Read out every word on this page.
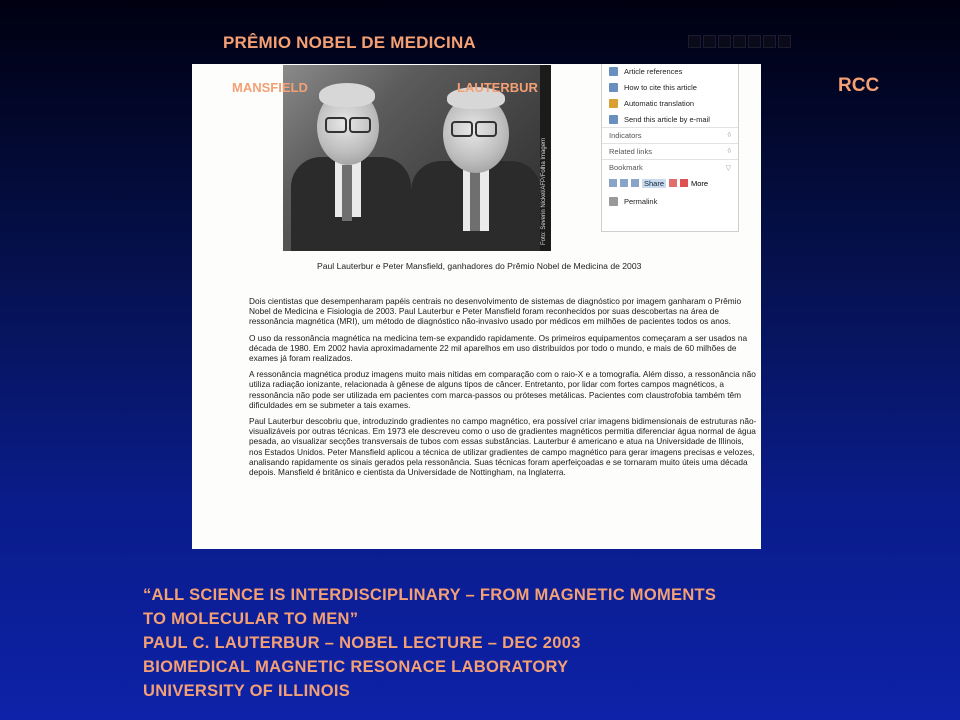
PRÊMIO NOBEL DE MEDICINA
RCC
Foto: Severin Nickel/AFP/Folha Imagem
Article references
How to cite this article
Automatic translation
Send this article by e-mail
Indicators	◊
Related links	◊
Bookmark	▽
Share	More
Permalink
Paul Lauterbur e Peter Mansfield, ganhadores do Prêmio Nobel de Medicina de 2003

Dois cientistas que desempenharam papéis centrais no desenvolvimento de sistemas de diagnóstico por imagem ganharam o Prêmio Nobel de Medicina e Fisiologia de 2003. Paul Lauterbur e Peter Mansfield foram reconhecidos por suas descobertas na área de ressonância magnética (MRI), um método de diagnóstico não-invasivo usado por médicos em milhões de pacientes todos os anos.

O uso da ressonância magnética na medicina tem-se expandido rapidamente. Os primeiros equipamentos começaram a ser usados na década de 1980. Em 2002 havia aproximadamente 22 mil aparelhos em uso distribuídos por todo o mundo, e mais de 60 milhões de exames já foram realizados.

A ressonância magnética produz imagens muito mais nítidas em comparação com o raio-X e a tomografia. Além disso, a ressonância não utiliza radiação ionizante, relacionada à gênese de alguns tipos de câncer. Entretanto, por lidar com fortes campos magnéticos, a ressonância não pode ser utilizada em pacientes com marca-passos ou próteses metálicas. Pacientes com claustrofobia também têm dificuldades em se submeter a tais exames.

Paul Lauterbur descobriu que, introduzindo gradientes no campo magnético, era possível criar imagens bidimensionais de estruturas não-visualizáveis por outras técnicas. Em 1973 ele descreveu como o uso de gradientes magnéticos permitia diferenciar água normal de água pesada, ao visualizar secções transversais de tubos com essas substâncias. Lauterbur é americano e atua na Universidade de Illinois, nos Estados Unidos. Peter Mansfield aplicou a técnica de utilizar gradientes de campo magnético para gerar imagens precisas e velozes, analisando rapidamente os sinais gerados pela ressonância. Suas técnicas foram aperfeiçoadas e se tornaram muito úteis uma década depois. Mansfield é britânico e cientista da Universidade de Nottingham, na Inglaterra.

MANSFIELD	LAUTERBUR
“ALL SCIENCE IS INTERDISCIPLINARY – FROM MAGNETIC MOMENTS
TO MOLECULAR TO MEN”
PAUL C. LAUTERBUR – NOBEL LECTURE – DEC 2003
BIOMEDICAL MAGNETIC RESONACE LABORATORY
UNIVERSITY OF ILLINOIS
